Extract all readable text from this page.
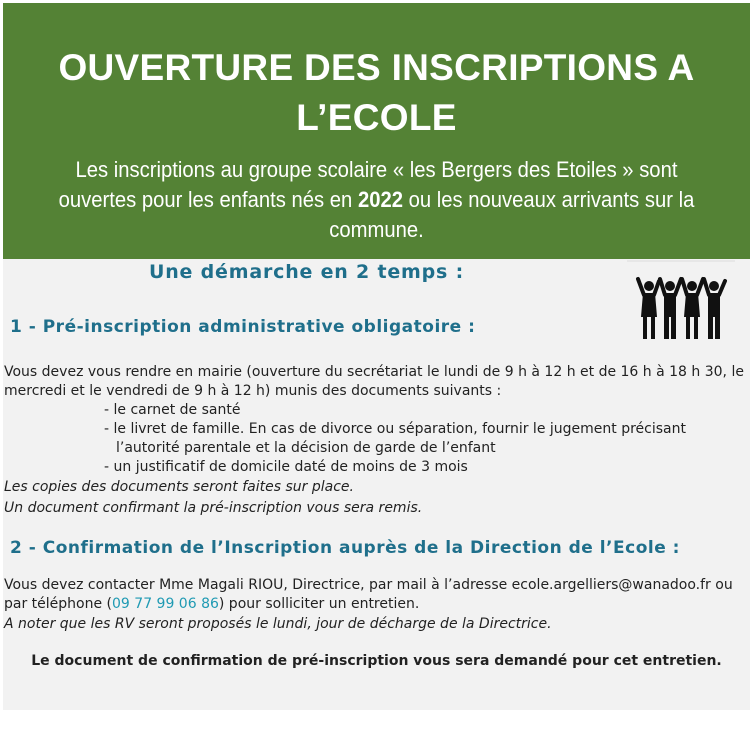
OUVERTURE DES INSCRIPTIONS A
L’ECOLE
Les inscriptions au groupe scolaire « les Bergers des Etoiles » sont ouvertes pour les enfants nés en 2022 ou les nouveaux arrivants sur la commune.
Une démarche en 2 temps :
1 - Pré-inscription administrative obligatoire :
Vous devez vous rendre en mairie (ouverture du secrétariat le lundi de 9 h à 12 h et de 16 h à 18 h 30, le mercredi et le vendredi de 9 h à 12 h) munis des documents suivants :
- le carnet de santé
- le livret de famille. En cas de divorce ou séparation, fournir le jugement précisant l’autorité parentale et la décision de garde de l’enfant
- un justificatif de domicile daté de moins de 3 mois
Les copies des documents seront faites sur place.
Un document confirmant la pré-inscription vous sera remis.
2 - Confirmation de l’Inscription auprès de la Direction de l’Ecole :
Vous devez contacter Mme Magali RIOU, Directrice, par mail à l’adresse ecole.argelliers@wanadoo.fr ou par téléphone (09 77 99 06 86) pour solliciter un entretien.
A noter que les RV seront proposés le lundi, jour de décharge de la Directrice.
Le document de confirmation de pré-inscription vous sera demandé pour cet entretien.
